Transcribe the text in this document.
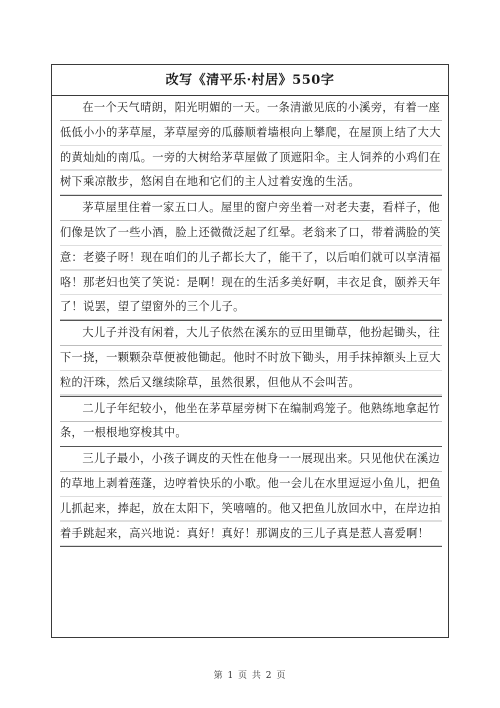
改写《清平乐·村居》550字

在一个天气晴朗，阳光明媚的一天。一条清澈见底的小溪旁，有着一座低低小小的茅草屋，茅草屋旁的瓜藤顺着墙根向上攀爬，在屋顶上结了大大的黄灿灿的南瓜。一旁的大树给茅草屋做了顶遮阳伞。主人饲养的小鸡们在树下乘凉散步，悠闲自在地和它们的主人过着安逸的生活。

茅草屋里住着一家五口人。屋里的窗户旁坐着一对老夫妻，看样子，他们像是饮了一些小酒，脸上还微微泛起了红晕。老翁来了口，带着满脸的笑意：老婆子呀！现在咱们的儿子都长大了，能干了，以后咱们就可以享清福咯！那老妇也笑了笑说：是啊！现在的生活多美好啊，丰衣足食，颐养天年了！说罢，望了望窗外的三个儿子。

大儿子并没有闲着，大儿子依然在溪东的豆田里锄草，他扮起锄头，往下一挠，一颗颗杂草便被他锄起。他时不时放下锄头，用手抹掉额头上豆大粒的汗珠，然后又继续除草，虽然很累，但他从不会叫苦。

二儿子年纪较小，他坐在茅草屋旁树下在编制鸡笼子。他熟练地拿起竹条，一根根地穿梭其中。

三儿子最小，小孩子调皮的天性在他身一一展现出来。只见他伏在溪边的草地上剥着莲蓬，边哼着快乐的小歌。他一会儿在水里逗逗小鱼儿，把鱼儿抓起来，捧起，放在太阳下，笑嘻嘻的。他又把鱼儿放回水中，在岸边拍着手跳起来，高兴地说：真好！真好！那调皮的三儿子真是惹人喜爱啊！

第 1 页 共 2 页
